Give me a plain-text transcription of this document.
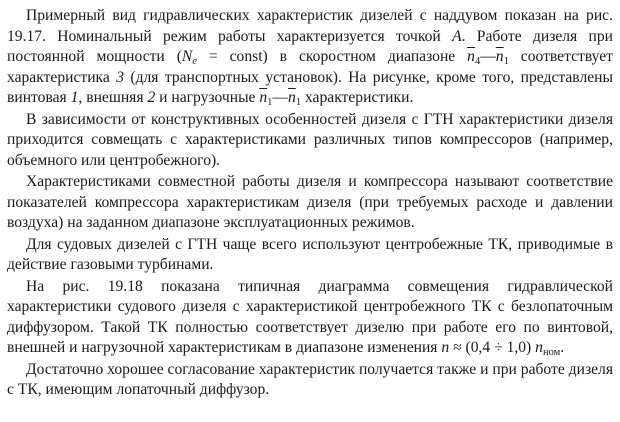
Примерный вид гидравлических характеристик дизелей с наддувом показан на рис. 19.17. Номинальный режим работы характеризуется точкой A. Работе дизеля при постоянной мощности ($N_e$ = const) в скоростном диапазоне $\overline{n}_4—\overline{n}_1$ соответствует характеристика 3 (для транспортных установок). На рисунке, кроме того, представлены винтовая 1, внешняя 2 и нагрузочные $\overline{n}_1—\overline{n}_1$ характеристики.

В зависимости от конструктивных особенностей дизеля с ГТН характеристики дизеля приходится совмещать с характеристиками различных типов компрессоров (например, объемного или центробежного).

Характеристиками совместной работы дизеля и компрессора называют соответствие показателей компрессора характеристикам дизеля (при требуемых расходе и давлении воздуха) на заданном диапазоне эксплуатационных режимов.

Для судовых дизелей с ГТН чаще всего используют центробежные ТК, приводимые в действие газовыми турбинами.

На рис. 19.18 показана типичная диаграмма совмещения гидравлической характеристики судового дизеля с характеристикой центробежного ТК с безлопаточным диффузором. Такой ТК полностью соответствует дизелю при работе его по винтовой, внешней и нагрузочной характеристикам в диапазоне изменения n ≈ (0,4 ÷ 1,0) $n_{ном}$.

Достаточно хорошее согласование характеристик получается также и при работе дизеля с ТК, имеющим лопаточный диффузор.
